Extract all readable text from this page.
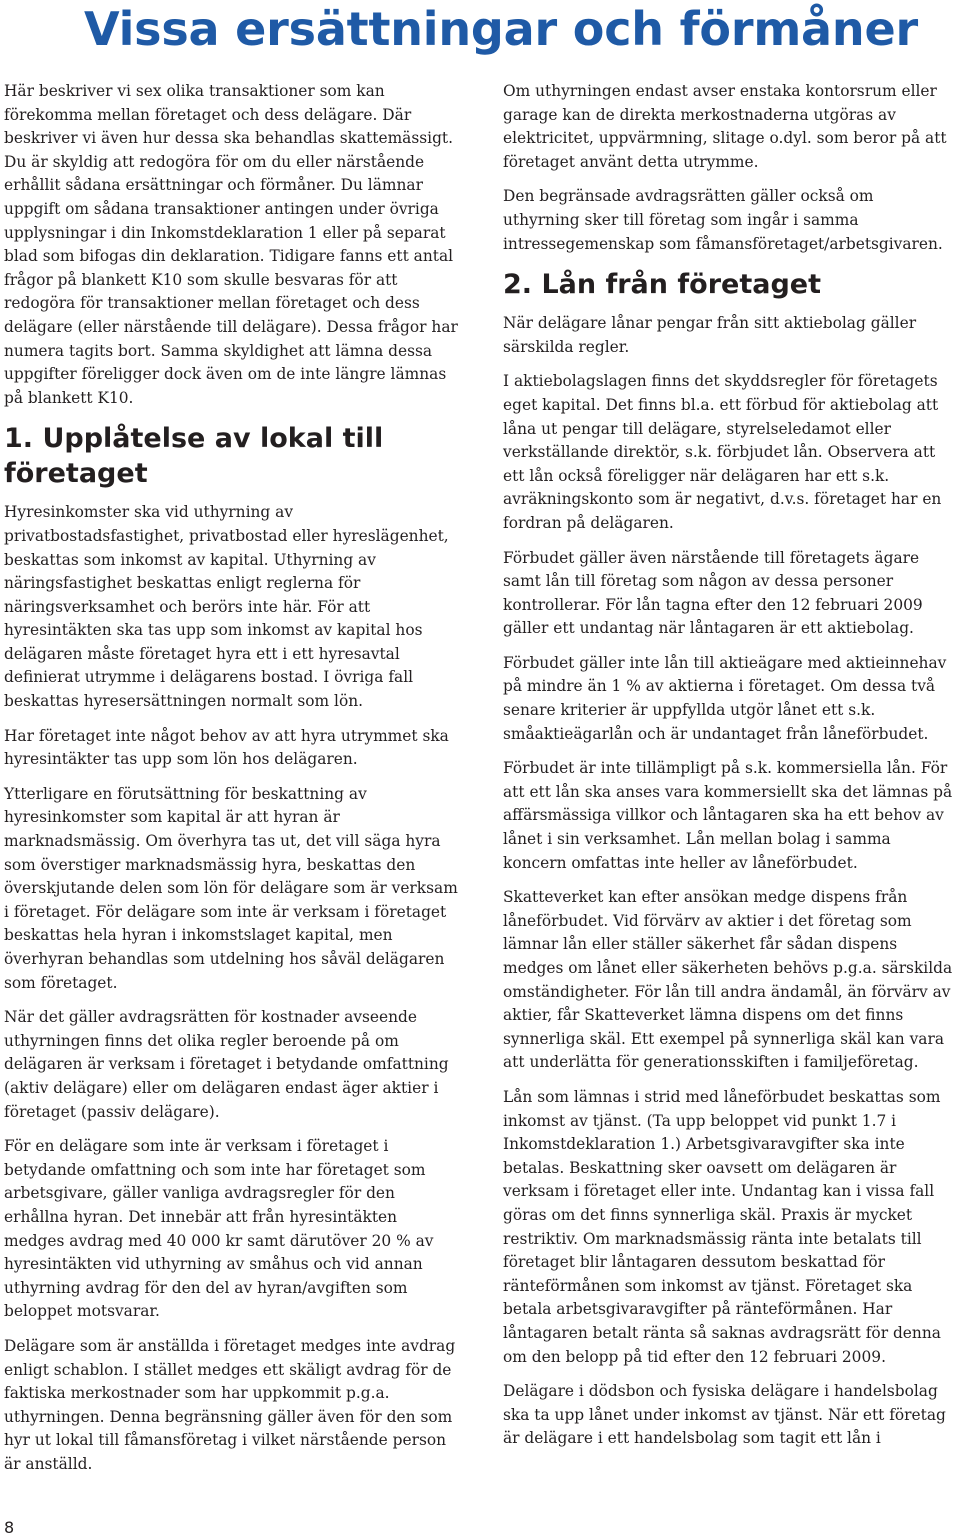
Vissa ersättningar och förmåner

Här beskriver vi sex olika transaktioner som kan förekomma mellan företaget och dess delägare. Där beskriver vi även hur dessa ska behandlas skattemässigt. Du är skyldig att redogöra för om du eller närstående erhållit sådana ersättningar och förmåner. Du lämnar uppgift om sådana transaktioner antingen under övriga upplysningar i din Inkomstdeklaration 1 eller på separat blad som bifogas din deklaration. Tidigare fanns ett antal frågor på blankett K10 som skulle besvaras för att redogöra för transaktioner mellan företaget och dess delägare (eller närstående till delägare). Dessa frågor har numera tagits bort. Samma skyldighet att lämna dessa uppgifter föreligger dock även om de inte längre lämnas på blankett K10.

1. Upplåtelse av lokal till företaget

Hyresinkomster ska vid uthyrning av privatbostadsfastighet, privatbostad eller hyreslägenhet, beskattas som inkomst av kapital. Uthyrning av näringsfastighet beskattas enligt reglerna för näringsverksamhet och berörs inte här. För att hyresintäkten ska tas upp som inkomst av kapital hos delägaren måste företaget hyra ett i ett hyresavtal definierat utrymme i delägarens bostad. I övriga fall beskattas hyresersättningen normalt som lön.

Har företaget inte något behov av att hyra utrymmet ska hyresintäkter tas upp som lön hos delägaren.

Ytterligare en förutsättning för beskattning av hyresinkomster som kapital är att hyran är marknadsmässig. Om överhyra tas ut, det vill säga hyra som överstiger marknadsmässig hyra, beskattas den överskjutande delen som lön för delägare som är verksam i företaget. För delägare som inte är verksam i företaget beskattas hela hyran i inkomstslaget kapital, men överhyran behandlas som utdelning hos såväl delägaren som företaget.

När det gäller avdragsrätten för kostnader avseende uthyrningen finns det olika regler beroende på om delägaren är verksam i företaget i betydande omfattning (aktiv delägare) eller om delägaren endast äger aktier i företaget (passiv delägare).

För en delägare som inte är verksam i företaget i betydande omfattning och som inte har företaget som arbetsgivare, gäller vanliga avdragsregler för den erhållna hyran. Det innebär att från hyresintäkten medges avdrag med 40 000 kr samt därutöver 20 % av hyresintäkten vid uthyrning av småhus och vid annan uthyrning avdrag för den del av hyran/avgiften som beloppet motsvarar.

Delägare som är anställda i företaget medges inte avdrag enligt schablon. I stället medges ett skäligt avdrag för de faktiska merkostnader som har uppkommit p.g.a. uthyrningen. Denna begränsning gäller även för den som hyr ut lokal till fåmansföretag i vilket närstående person är anställd.

Om uthyrningen endast avser enstaka kontorsrum eller garage kan de direkta merkostnaderna utgöras av elektricitet, uppvärmning, slitage o.dyl. som beror på att företaget använt detta utrymme.

Den begränsade avdragsrätten gäller också om uthyrning sker till företag som ingår i samma intressegemenskap som fåmansföretaget/arbetsgivaren.

2. Lån från företaget

När delägare lånar pengar från sitt aktiebolag gäller särskilda regler.

I aktiebolagslagen finns det skyddsregler för företagets eget kapital. Det finns bl.a. ett förbud för aktiebolag att låna ut pengar till delägare, styrelseledamot eller verkställande direktör, s.k. förbjudet lån. Observera att ett lån också föreligger när delägaren har ett s.k. avräkningskonto som är negativt, d.v.s. företaget har en fordran på delägaren.

Förbudet gäller även närstående till företagets ägare samt lån till företag som någon av dessa personer kontrollerar. För lån tagna efter den 12 februari 2009 gäller ett undantag när låntagaren är ett aktiebolag.

Förbudet gäller inte lån till aktieägare med aktieinnehav på mindre än 1 % av aktierna i företaget. Om dessa två senare kriterier är uppfyllda utgör lånet ett s.k. småaktieägarlån och är undantaget från låneförbudet.

Förbudet är inte tillämpligt på s.k. kommersiella lån. För att ett lån ska anses vara kommersiellt ska det lämnas på affärsmässiga villkor och låntagaren ska ha ett behov av lånet i sin verksamhet. Lån mellan bolag i samma koncern omfattas inte heller av låneförbudet.

Skatteverket kan efter ansökan medge dispens från låneförbudet. Vid förvärv av aktier i det företag som lämnar lån eller ställer säkerhet får sådan dispens medges om lånet eller säkerheten behövs p.g.a. särskilda omständigheter. För lån till andra ändamål, än förvärv av aktier, får Skatteverket lämna dispens om det finns synnerliga skäl. Ett exempel på synnerliga skäl kan vara att underlätta för generationsskiften i familjeföretag.

Lån som lämnas i strid med låneförbudet beskattas som inkomst av tjänst. (Ta upp beloppet vid punkt 1.7 i Inkomstdeklaration 1.) Arbetsgivaravgifter ska inte betalas. Beskattning sker oavsett om delägaren är verksam i företaget eller inte. Undantag kan i vissa fall göras om det finns synnerliga skäl. Praxis är mycket restriktiv. Om marknadsmässig ränta inte betalats till företaget blir låntagaren dessutom beskattad för ränteförmånen som inkomst av tjänst. Företaget ska betala arbetsgivaravgifter på ränteförmånen. Har låntagaren betalt ränta så saknas avdragsrätt för denna om den belopp på tid efter den 12 februari 2009.

Delägare i dödsbon och fysiska delägare i handelsbolag ska ta upp lånet under inkomst av tjänst. När ett företag är delägare i ett handelsbolag som tagit ett lån i

8
